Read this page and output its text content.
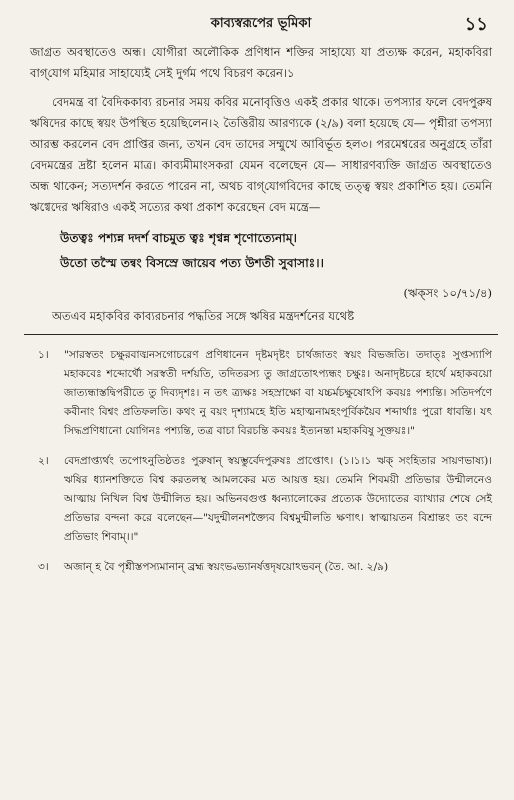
কাব্যস্বরূপের ভূমিকা	১১

জাগ্রত অবস্থাতেও অন্ধ। যোগীরা অলৌকিক প্রণিধান শক্তির সাহায্যে যা প্রত্যক্ষ করেন, মহাকবিরা বাগ্‌যোগ মহিমার সাহায্যেই সেই দুর্গম পথে বিচরণ করেন।১

বেদমন্ত্র বা বৈদিককাব্য রচনার সময় কবির মনোবৃত্তিও একই প্রকার থাকে। তপস্যার ফলে বেদপুরুষ ঋষিদের কাছে স্বয়ং উপস্থিত হয়েছিলেন।২ তৈত্তিরীয় আরণ্যকে (২/৯) বলা হয়েছে যে— পৃশ্নীরা তপস্যা আরম্ভ করলেন বেদ প্রাপ্তির জন্য, তখন বেদ তাদের সম্মুখে আবির্ভূত হল৩। পরমেশ্বরের অনুগ্রহে তাঁরা বেদমন্ত্রের দ্রষ্টা হলেন মাত্র। কাব্যমীমাংসকরা যেমন বলেছেন যে— সাধারণব্যক্তি জাগ্রত অবস্থাতেও অন্ধ থাকেন; সত্যদর্শন করতে পারেন না, অথচ বাগ্‌যোগবিদের কাছে তত্ত্ব স্বয়ং প্রকাশিত হয়। তেমনি ঋগ্বেদের ঋষিরাও একই সত্যের কথা প্রকাশ করেছেন বেদ মন্ত্রে—

উতত্বঃ পশ্যন্ন দদর্শ বাচমুত ত্বঃ শৃণ্বন্ন শৃণোত্যেনাম্।
উতো তস্মৈ তন্বং বিসস্রে জায়েব পত্য উশতী সুবাসাঃ।।
(ঋক্‌সং ১০/৭১/৪)

অতএব মহাকবির কাব্যরচনার পদ্ধতির সঙ্গে ঋষির মন্ত্রদর্শনের যথেষ্ট

১।	"সারস্বতং চক্ষুরবাঙ্মনসগোচরেণ প্রণিধানেন দৃষ্টমদৃষ্টং চার্থজাতং স্বয়ং বিভজতি। তদাত্ঃ সুপ্তস্যাপি মহাকবেঃ শব্দোর্থৌ সরস্বতী দর্শয়তি, তদিতরস্য তু জাগ্রতোঽপ্যন্ধং চক্ষুঃ। অনাদৃষ্টচরে হার্থে মহাকবয়ো জাত্যন্ধাস্তদ্বিপরীতে তু দিব্যদৃশঃ। ন তৎ ত্র্যক্ষঃ সহস্রাক্ষো বা যচ্চর্মচক্ষুষোঽপি কবয়ঃ পশ্যন্তি। সতিদর্পণে কবীনাং বিশ্বং প্রতিফলতি। কথং নু বয়ং দৃশ্যামহে ইতি মহাত্মনামহংপূর্বিকয়ৈব শব্দার্থাঃ পুরো ধাবন্তি। যৎ সিদ্ধপ্রণিধানো যোগিনঃ পশ্যন্তি, তত্র বাচা বিরচন্তি কবয়ঃ ইত্যনন্তা মহাকবিষু সূক্তয়ঃ।"
২।	বেদপ্রাপ্ত্যর্থং তপোঽনুতিষ্ঠতঃ পুরুষান্ স্বয়ম্ভুর্বেদপুরুষঃ প্রাপ্তোৎ। (১।১।১ ঋক্ সংহিতার সায়ণভাষ্য)। ঋষির ধ্যানশক্তিতে বিশ্ব করতলস্থ আমলকের মত আয়ত্ত হয়। তেমনি শিবময়ী প্রতিভার উন্মীলনেও আত্মায় নিখিল বিশ্ব উন্মীলিত হয়। অভিনবগুপ্ত ধ্বন্যালোকের প্রত্যেক উদ্যোতের ব্যাখ্যার শেষে সেই প্রতিভার বন্দনা করে বলেছেন—"যদুন্মীলনশক্ত্যৈব বিশ্বমুন্মীলতি ক্ষণাৎ। স্বাত্মায়তন বিশ্রান্তং তং বন্দে প্রতিভাং শিবাম্।।"
৩।	অজান্ হ বৈ পৃশ্নীস্তপস্যমানান্ ব্রহ্ম স্বয়ংভ্বভ্যানর্ষত্তদৃষয়োঽভবন্ (তৈ. আ. ২/৯)
